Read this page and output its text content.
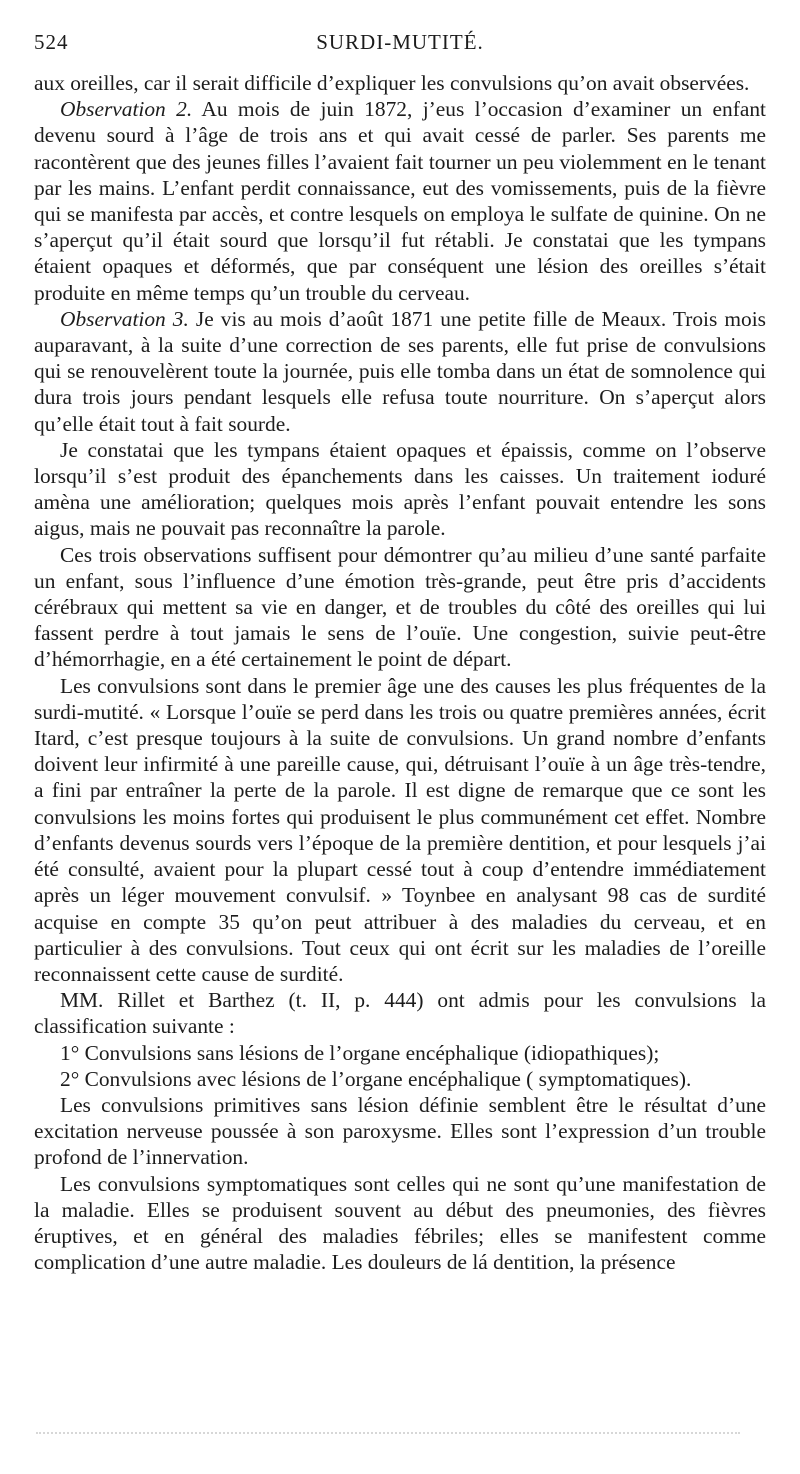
524	SURDI-MUTITÉ.

aux oreilles, car il serait difficile d’expliquer les convulsions qu’on avait observées.

Observation 2. Au mois de juin 1872, j’eus l’occasion d’examiner un enfant devenu sourd à l’âge de trois ans et qui avait cessé de parler. Ses parents me racontèrent que des jeunes filles l’avaient fait tourner un peu violemment en le tenant par les mains. L’enfant perdit connaissance, eut des vomissements, puis de la fièvre qui se manifesta par accès, et contre lesquels on employa le sulfate de quinine. On ne s’aperçut qu’il était sourd que lorsqu’il fut rétabli. Je constatai que les tympans étaient opaques et déformés, que par conséquent une lésion des oreilles s’était produite en même temps qu’un trouble du cerveau.

Observation 3. Je vis au mois d’août 1871 une petite fille de Meaux. Trois mois auparavant, à la suite d’une correction de ses parents, elle fut prise de convulsions qui se renouvelèrent toute la journée, puis elle tomba dans un état de somnolence qui dura trois jours pendant lesquels elle refusa toute nourriture. On s’aperçut alors qu’elle était tout à fait sourde.

Je constatai que les tympans étaient opaques et épaissis, comme on l’observe lorsqu’il s’est produit des épanchements dans les caisses. Un traitement ioduré amèna une amélioration; quelques mois après l’enfant pouvait entendre les sons aigus, mais ne pouvait pas reconnaître la parole.

Ces trois observations suffisent pour démontrer qu’au milieu d’une santé parfaite un enfant, sous l’influence d’une émotion très-grande, peut être pris d’accidents cérébraux qui mettent sa vie en danger, et de troubles du côté des oreilles qui lui fassent perdre à tout jamais le sens de l’ouïe. Une congestion, suivie peut-être d’hémorrhagie, en a été certainement le point de départ.

Les convulsions sont dans le premier âge une des causes les plus fréquentes de la surdi-mutité. « Lorsque l’ouïe se perd dans les trois ou quatre premières années, écrit Itard, c’est presque toujours à la suite de convulsions. Un grand nombre d’enfants doivent leur infirmité à une pareille cause, qui, détruisant l’ouïe à un âge très-tendre, a fini par entraîner la perte de la parole. Il est digne de remarque que ce sont les convulsions les moins fortes qui produisent le plus communément cet effet. Nombre d’enfants devenus sourds vers l’époque de la première dentition, et pour lesquels j’ai été consulté, avaient pour la plupart cessé tout à coup d’entendre immédiatement après un léger mouvement convulsif. » Toynbee en analysant 98 cas de surdité acquise en compte 35 qu’on peut attribuer à des maladies du cerveau, et en particulier à des convulsions. Tout ceux qui ont écrit sur les maladies de l’oreille reconnaissent cette cause de surdité.

MM. Rillet et Barthez (t. II, p. 444) ont admis pour les convulsions la classification suivante :

1° Convulsions sans lésions de l’organe encéphalique (idiopathiques);

2° Convulsions avec lésions de l’organe encéphalique ( symptomatiques).

Les convulsions primitives sans lésion définie semblent être le résultat d’une excitation nerveuse poussée à son paroxysme. Elles sont l’expression d’un trouble profond de l’innervation.

Les convulsions symptomatiques sont celles qui ne sont qu’une manifestation de la maladie. Elles se produisent souvent au début des pneumonies, des fièvres éruptives, et en général des maladies fébriles; elles se manifestent comme complication d’une autre maladie. Les douleurs de lá dentition, la présence
